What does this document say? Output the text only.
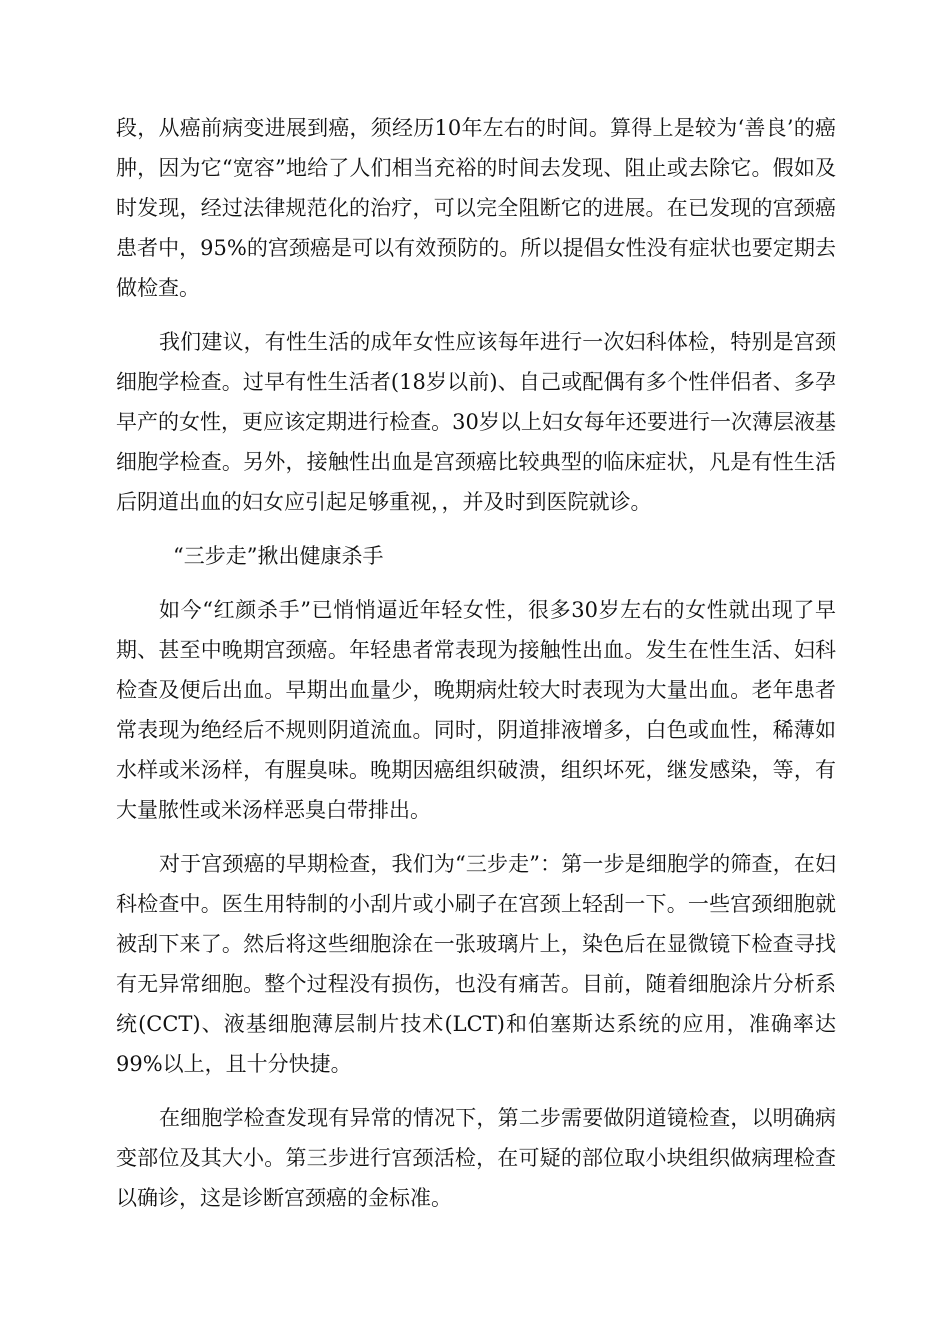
段，从癌前病变进展到癌，须经历10年左右的时间。算得上是较为‘善良’的癌肿，因为它“宽容”地给了人们相当充裕的时间去发现、阻止或去除它。假如及时发现，经过法律规范化的治疗，可以完全阻断它的进展。在已发现的宫颈癌患者中，95%的宫颈癌是可以有效预防的。所以提倡女性没有症状也要定期去做检查。

我们建议，有性生活的成年女性应该每年进行一次妇科体检，特别是宫颈细胞学检查。过早有性生活者(18岁以前)、自己或配偶有多个性伴侣者、多孕早产的女性，更应该定期进行检查。30岁以上妇女每年还要进行一次薄层液基细胞学检查。另外，接触性出血是宫颈癌比较典型的临床症状，凡是有性生活后阴道出血的妇女应引起足够重视，，并及时到医院就诊。

“三步走”揪出健康杀手

如今“红颜杀手”已悄悄逼近年轻女性，很多30岁左右的女性就出现了早期、甚至中晚期宫颈癌。年轻患者常表现为接触性出血。发生在性生活、妇科检查及便后出血。早期出血量少，晚期病灶较大时表现为大量出血。老年患者常表现为绝经后不规则阴道流血。同时，阴道排液增多，白色或血性，稀薄如水样或米汤样，有腥臭味。晚期因癌组织破溃，组织坏死，继发感染，等，有大量脓性或米汤样恶臭白带排出。

对于宫颈癌的早期检查，我们为“三步走”：第一步是细胞学的筛查，在妇科检查中。医生用特制的小刮片或小刷子在宫颈上轻刮一下。一些宫颈细胞就被刮下来了。然后将这些细胞涂在一张玻璃片上，染色后在显微镜下检查寻找有无异常细胞。整个过程没有损伤，也没有痛苦。目前，随着细胞涂片分析系统(CCT)、液基细胞薄层制片技术(LCT)和伯塞斯达系统的应用，准确率达99%以上，且十分快捷。

在细胞学检查发现有异常的情况下，第二步需要做阴道镜检查，以明确病变部位及其大小。第三步进行宫颈活检，在可疑的部位取小块组织做病理检查以确诊，这是诊断宫颈癌的金标准。
